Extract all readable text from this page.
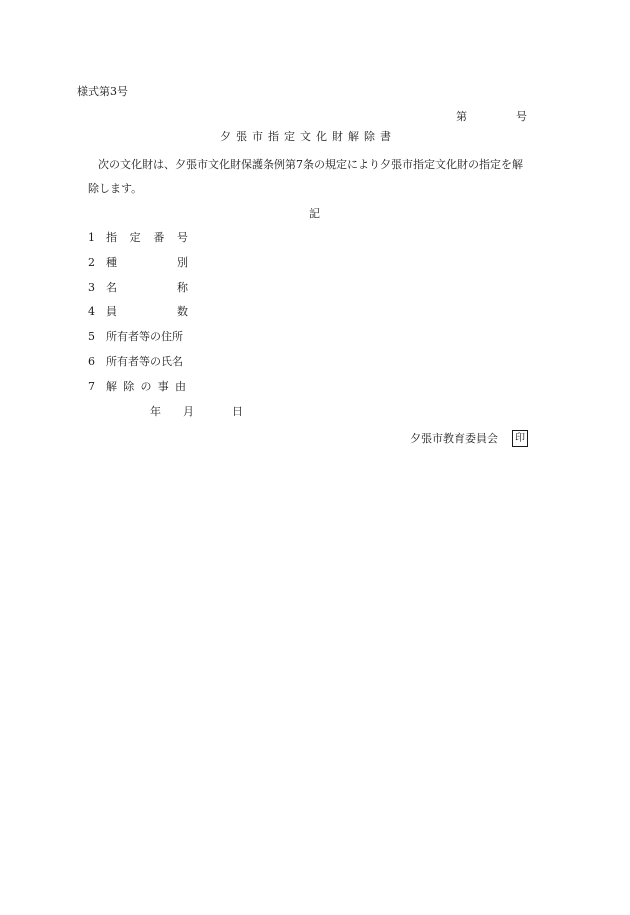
様式第3号
第	号
夕張市指定文化財解除書
次の文化財は、夕張市文化財保護条例第7条の規定により夕張市指定文化財の指定を解
除します。
記
1 指 定 番 号
2 種	別
3 名	称
4 員	数
5 所有者等の住所
6 所有者等の氏名
7 解 除 の 事 由
年 月	日
夕張市教育委員会	印
